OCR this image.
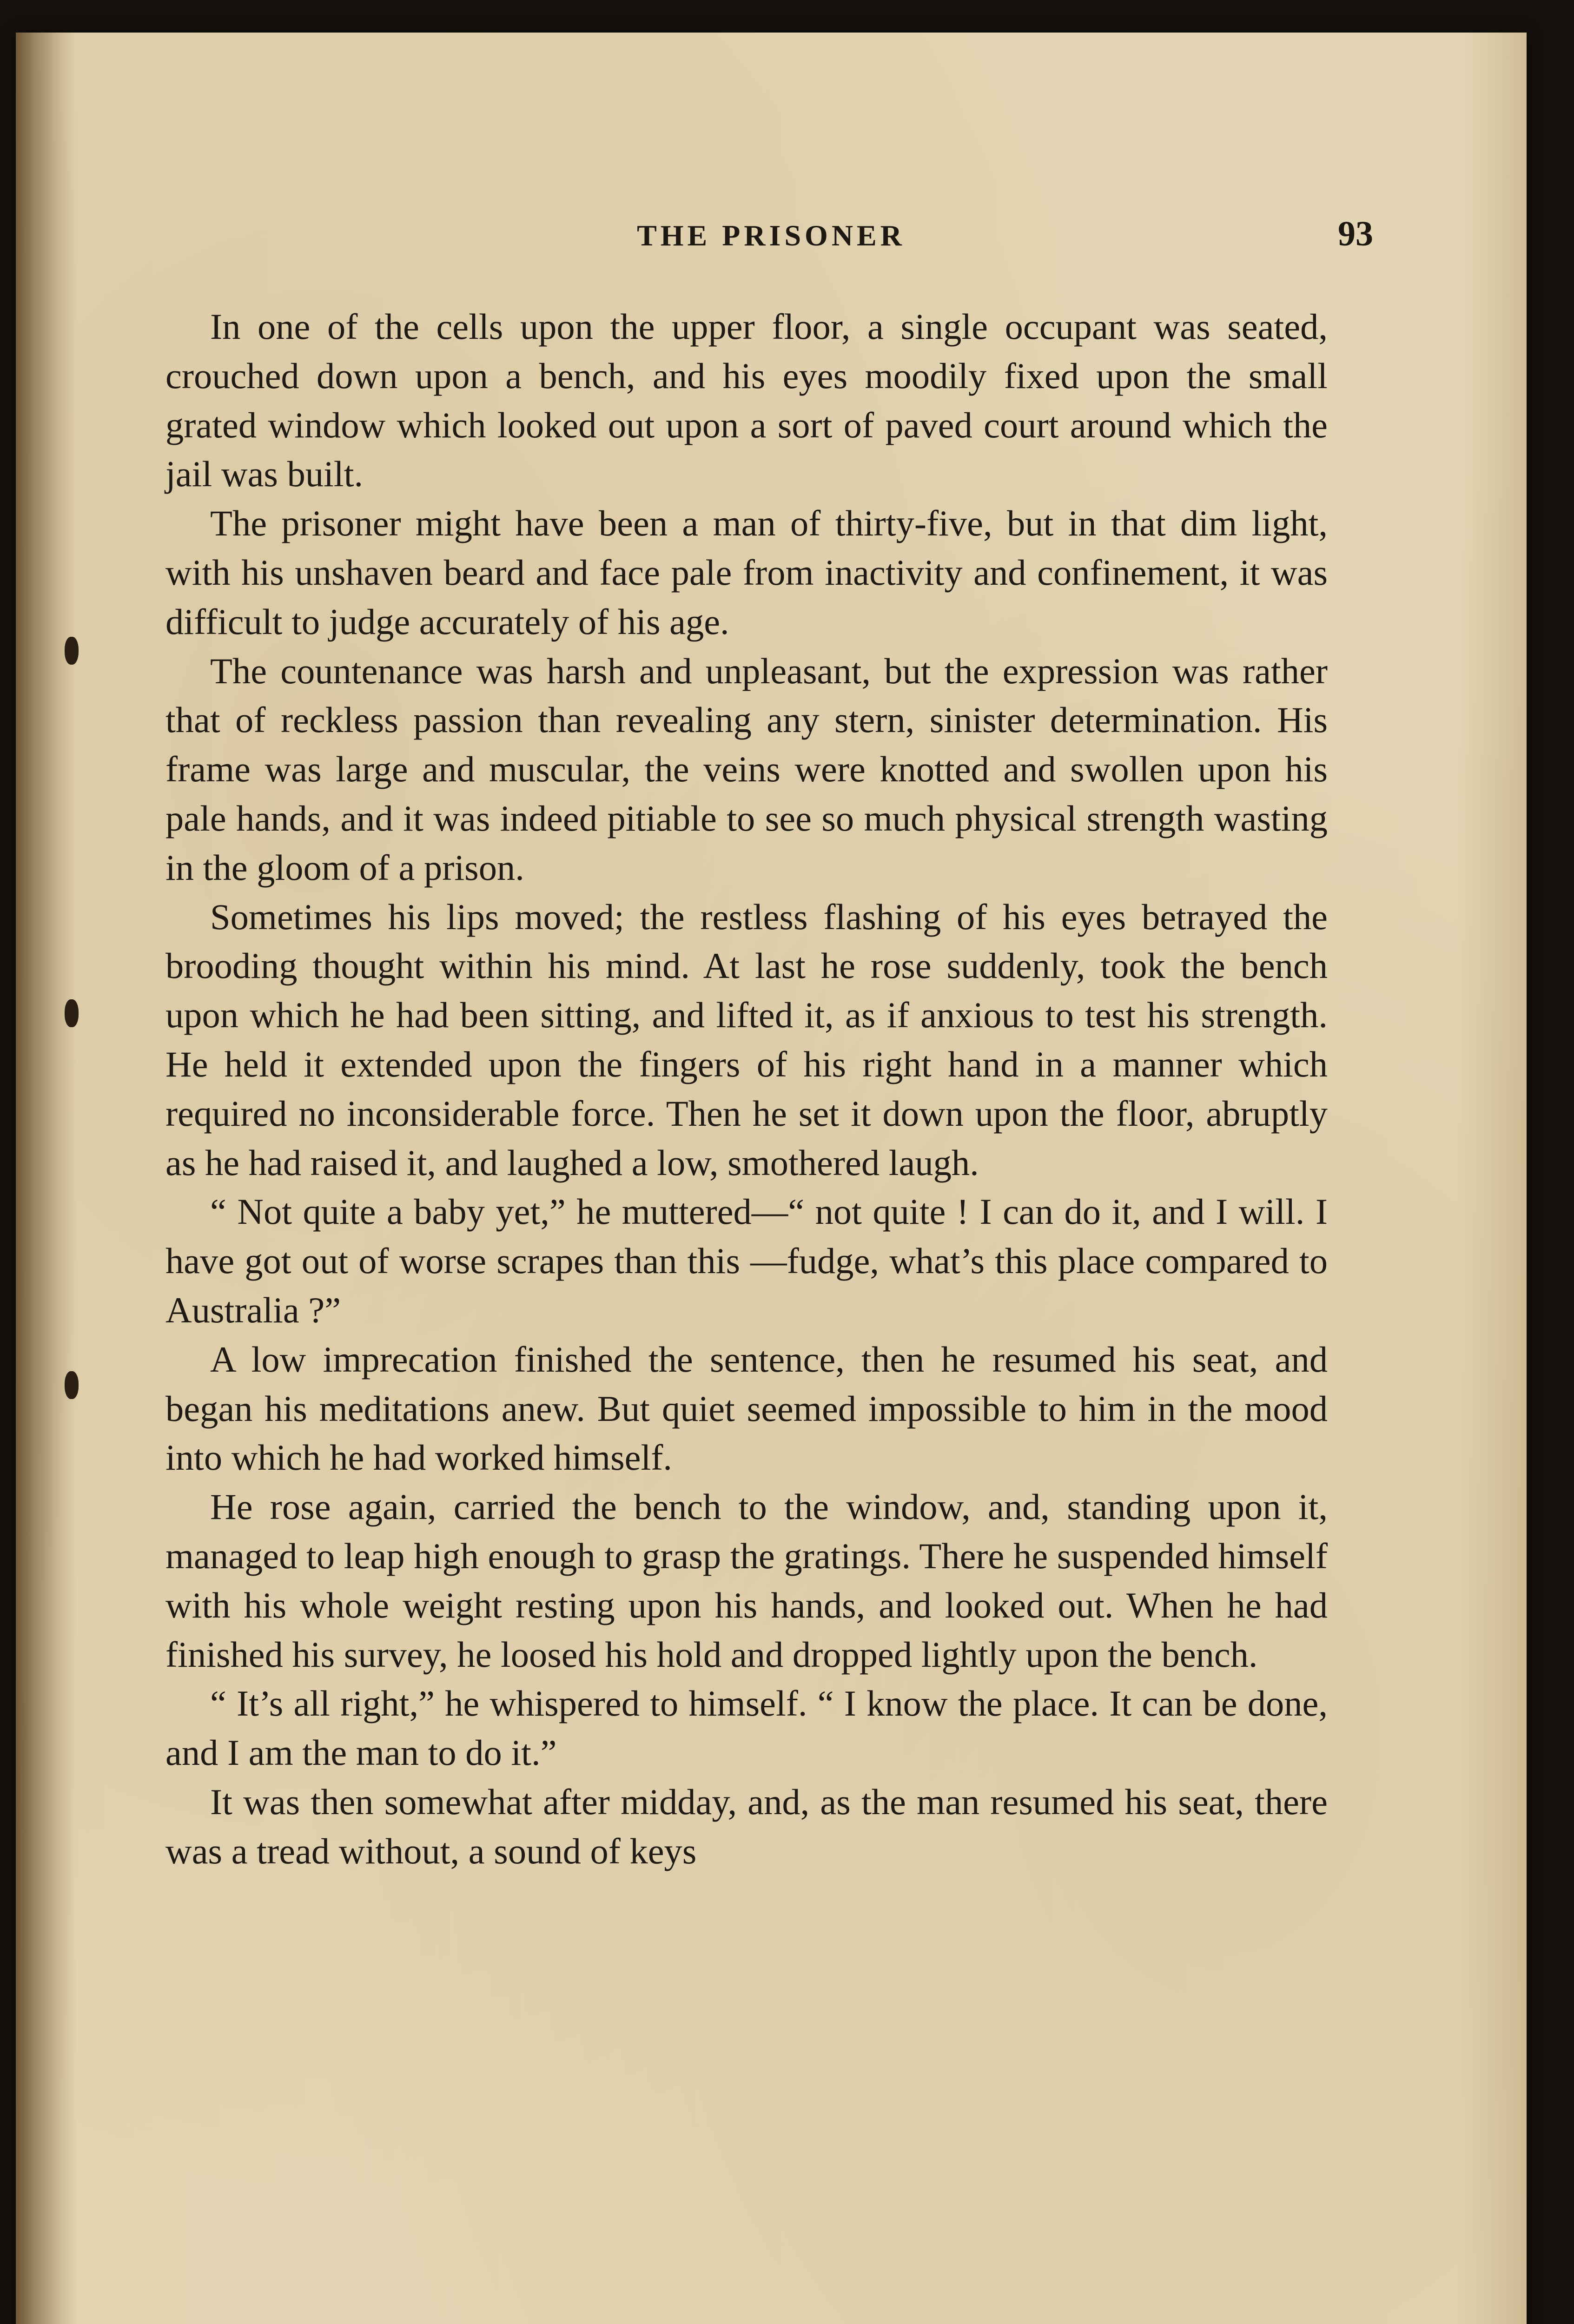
THE PRISONER	93

In one of the cells upon the upper floor, a single occupant was seated, crouched down upon a bench, and his eyes moodily fixed upon the small grated window which looked out upon a sort of paved court around which the jail was built.

The prisoner might have been a man of thirty-five, but in that dim light, with his unshaven beard and face pale from inactivity and confinement, it was difficult to judge accurately of his age.

The countenance was harsh and unpleasant, but the expression was rather that of reckless passion than revealing any stern, sinister determination. His frame was large and muscular, the veins were knotted and swollen upon his pale hands, and it was indeed pitiable to see so much physical strength wasting in the gloom of a prison.

Sometimes his lips moved; the restless flashing of his eyes betrayed the brooding thought within his mind. At last he rose suddenly, took the bench upon which he had been sitting, and lifted it, as if anxious to test his strength. He held it extended upon the fingers of his right hand in a manner which required no inconsiderable force. Then he set it down upon the floor, abruptly as he had raised it, and laughed a low, smothered laugh.

“ Not quite a baby yet,” he muttered—“ not quite ! I can do it, and I will. I have got out of worse scrapes than this —fudge, what’s this place compared to Australia ?”

A low imprecation finished the sentence, then he resumed his seat, and began his meditations anew. But quiet seemed impossible to him in the mood into which he had worked himself.

He rose again, carried the bench to the window, and, standing upon it, managed to leap high enough to grasp the gratings. There he suspended himself with his whole weight resting upon his hands, and looked out. When he had finished his survey, he loosed his hold and dropped lightly upon the bench.

“ It’s all right,” he whispered to himself. “ I know the place. It can be done, and I am the man to do it.”

It was then somewhat after midday, and, as the man resumed his seat, there was a tread without, a sound of keys
